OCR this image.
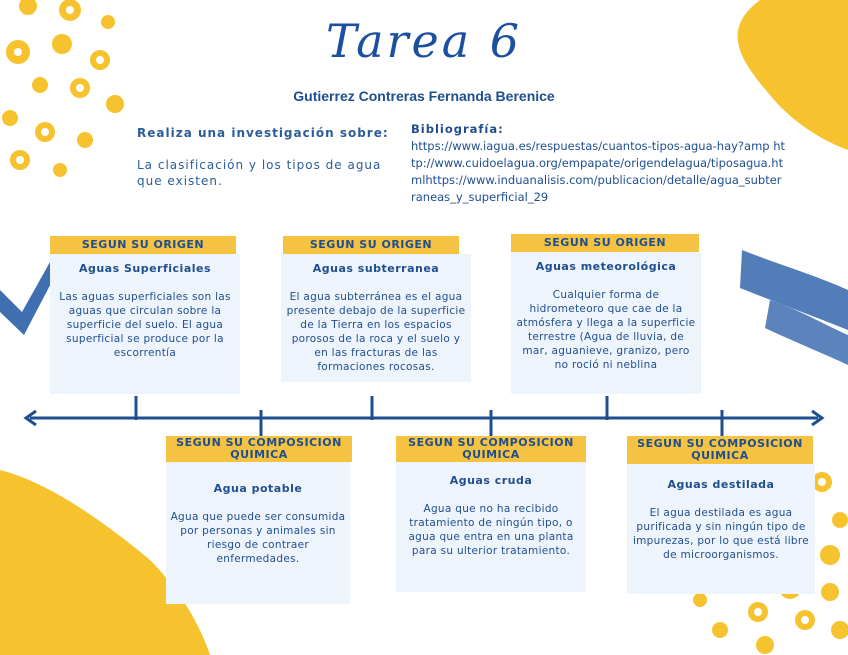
Tarea 6
Gutierrez Contreras Fernanda Berenice
Realiza una investigación sobre:
La clasificación y los tipos de agua que existen.
Bibliografía:
https://www.iagua.es/respuestas/cuantos-tipos-agua-hay?amp http://www.cuidoelagua.org/empapate/origendelagua/tiposagua.htmlhttps://www.induanalisis.com/publicacion/detalle/agua_subterraneas_y_superficial_29
Aguas Superficiales
Las aguas superficiales son las aguas que circulan sobre la superficie del suelo. El agua superficial se produce por la escorrentía
SEGUN SU ORIGEN
Aguas subterranea
El agua subterránea es el agua presente debajo de la superficie de la Tierra en los espacios porosos de la roca y el suelo y en las fracturas de las formaciones rocosas.
SEGUN SU ORIGEN
Aguas meteorológica
Cualquier forma de hidrometeoro que cae de la atmósfera y llega a la superficie terrestre (Agua de lluvia, de mar, aguanieve, granizo, pero no roció ni neblina
SEGUN SU ORIGEN
Agua potable
Agua que puede ser consumida por personas y animales sin riesgo de contraer enfermedades.
SEGUN SU COMPOSICION QUIMICA
Aguas cruda
Agua que no ha recibido tratamiento de ningún tipo, o agua que entra en una planta para su ulterior tratamiento.
SEGUN SU COMPOSICION QUIMICA
Aguas destilada
El agua destilada es agua purificada y sin ningún tipo de impurezas, por lo que está libre de microorganismos.
SEGUN SU COMPOSICION QUIMICA
